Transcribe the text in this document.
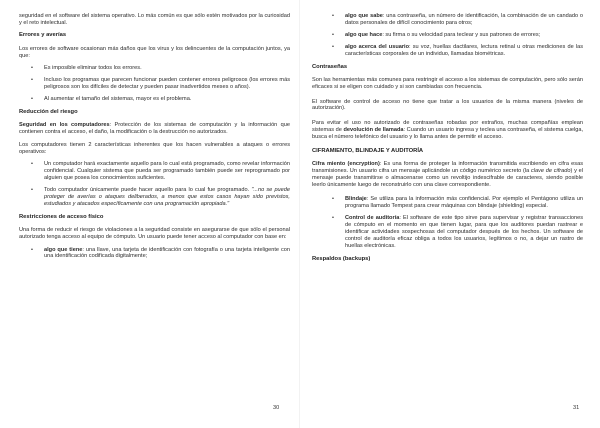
seguridad en el software del sistema operativo. Lo más común es que sólo estén motivados por la curiosidad y el reto intelectual.

Errores y averías

Los errores de software ocasionan más daños que los virus y los delincuentes de la computación juntos, ya que:

• Es imposible eliminar todos los errores.
• Incluso los programas que parecen funcionar pueden contener errores peligrosos (los errores más peligrosos son los difíciles de detectar y pueden pasar inadvertidos meses o años).
• Al aumentar el tamaño del sistemas, mayor es el problema.
Reducción del riesgo

Seguridad en los computadores: Protección de los sistemas de computación y la información que contienen contra el acceso, el daño, la modificación o la destrucción no autorizados.

Los computadores tienen 2 características inherentes que los hacen vulnerables a ataques o errores operativos:

• Un computador hará exactamente aquello para lo cual está programado, como revelar información confidencial. Cualquier sistema que pueda ser programado también puede ser reprogramado por alguien que posea los conocimientos suficientes.
• Todo computador únicamente puede hacer aquello para lo cual fue programado. "...no se puede proteger de averías o ataques deliberados, a menos que estos casos hayan sido previstos, estudiados y atacados específicamente con una programación apropiada."
Restricciones de acceso físico

Una forma de reducir el riesgo de violaciones a la seguridad consiste en asegurarse de que sólo el personal autorizado tenga acceso al equipo de cómputo. Un usuario puede tener acceso al computador con base en:

• algo que tiene: una llave, una tarjeta de identificación con fotografía o una tarjeta inteligente con una identificación codificada digitalmente;
30
• algo que sabe: una contraseña, un número de identificación, la combinación de un candado o datos personales de difícil conocimiento para otros;
• algo que hace: su firma o su velocidad para teclear y sus patrones de errores;
• algo acerca del usuario: su voz, huellas dactilares, lectura retinal u otras mediciones de las características corporales de un individuo, llamadas biométricas.
Contraseñas

Son las herramientas más comunes para restringir el acceso a los sistemas de computación, pero sólo serán eficaces si se eligen con cuidado y si son cambiadas con frecuencia.

El software de control de acceso no tiene que tratar a los usuarios de la misma manera (niveles de autorización).

Para evitar el uso no autorizado de contraseñas robadas por extraños, muchas compañías emplean sistemas de devolución de llamada: Cuando un usuario ingresa y teclea una contraseña, el sistema cuelga, busca el número telefónico del usuario y lo llama antes de permitir el acceso.

CIFRAMIENTO, BLINDAJE Y AUDITORÍA

Cifra miento (encryption): Es una forma de proteger la información transmitida escribiendo en cifra esas transmisiones. Un usuario cifra un mensaje aplicándole un código numérico secreto (la clave de cifrado) y el mensaje puede transmitirse o almacenarse como un revoltijo indescifrable de caracteres, siendo posible leerlo únicamente luego de reconstruirlo con una clave correspondiente.

• Blindaje: Se utiliza para la información más confidencial. Por ejemplo el Pentágono utiliza un programa llamado Tempest para crear máquinas con blindaje (shielding) especial.
• Control de auditoría: El software de este tipo sirve para supervisar y registrar transacciones de cómputo en el momento en que tienen lugar, para que los auditores puedan rastrear e identificar actividades sospechosas del computador después de los hechos. Un software de control de auditoría eficaz obliga a todos los usuarios, legítimos o no, a dejar un rastro de huellas electrónicas.
Respaldos (backups)
31
